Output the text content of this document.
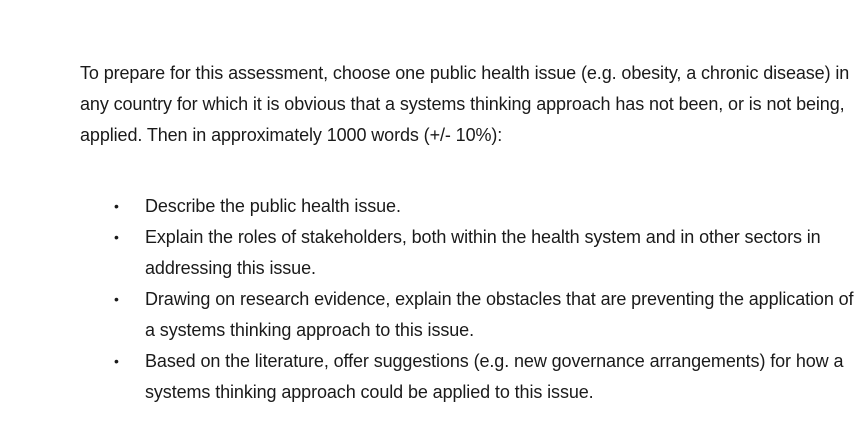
To prepare for this assessment, choose one public health issue (e.g. obesity, a chronic disease) in any country for which it is obvious that a systems thinking approach has not been, or is not being, applied. Then in approximately 1000 words (+/- 10%):

• Describe the public health issue.
• Explain the roles of stakeholders, both within the health system and in other sectors in addressing this issue.
• Drawing on research evidence, explain the obstacles that are preventing the application of a systems thinking approach to this issue.
• Based on the literature, offer suggestions (e.g. new governance arrangements) for how a systems thinking approach could be applied to this issue.
